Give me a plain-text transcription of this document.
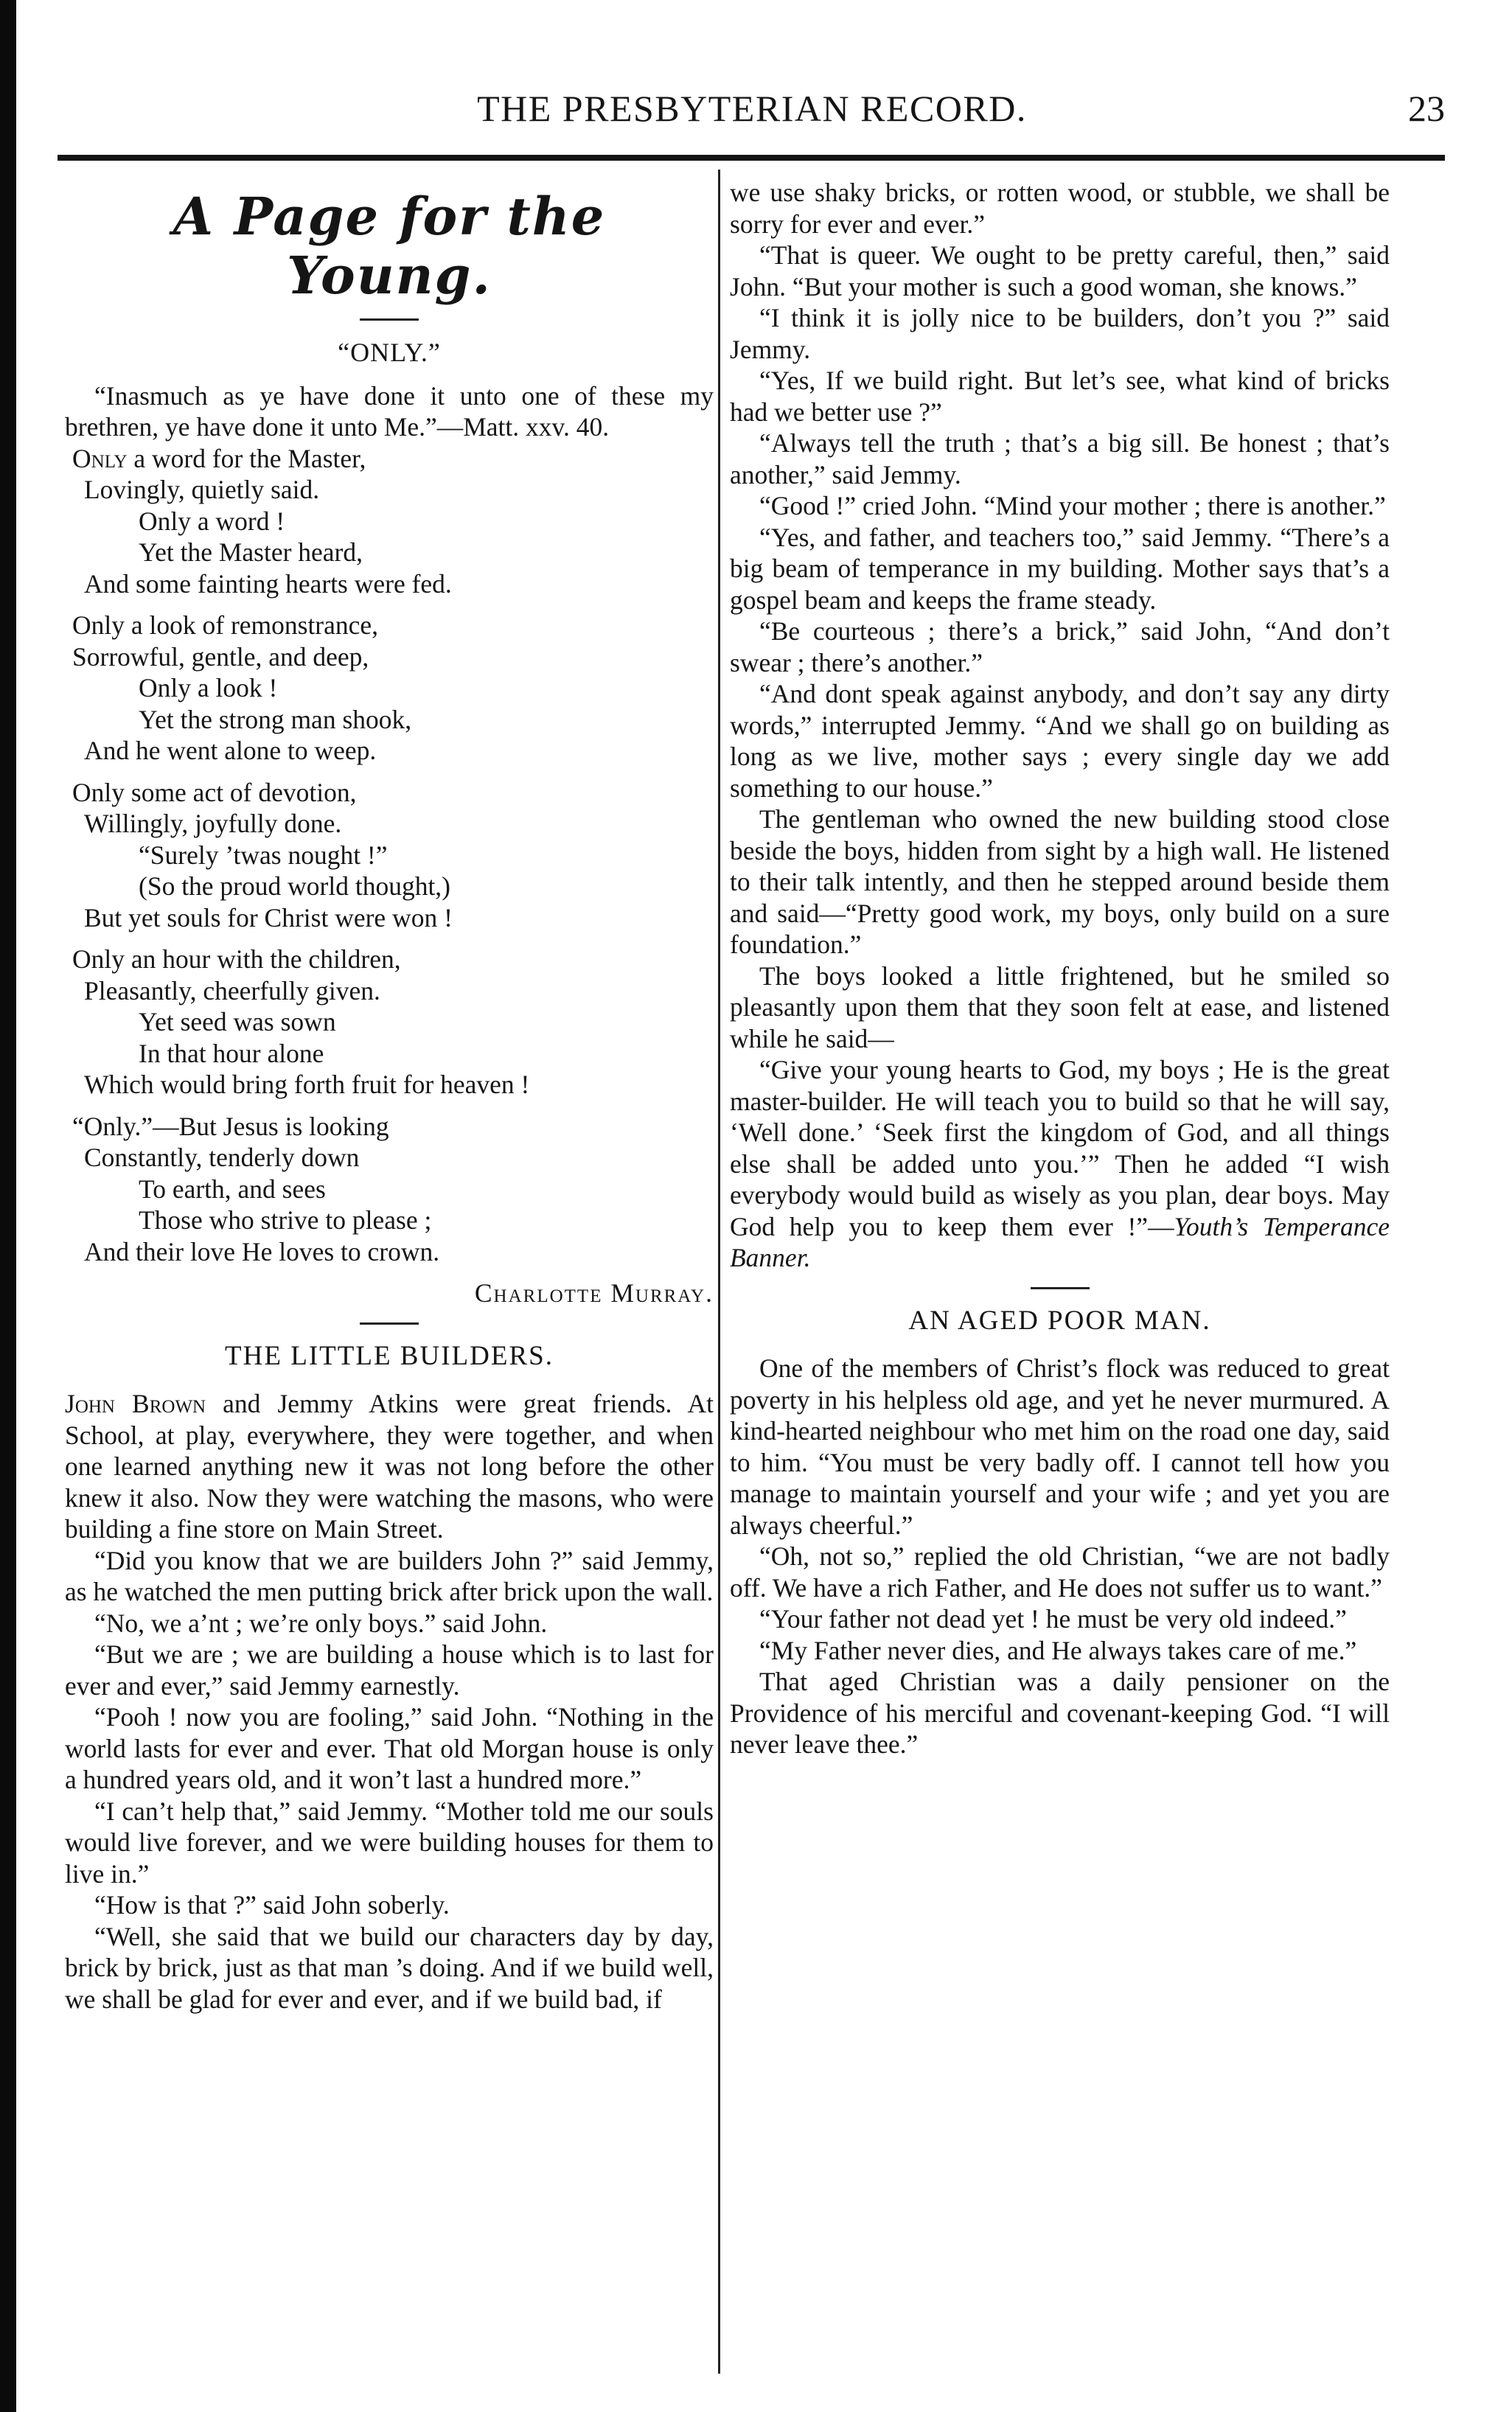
THE PRESBYTERIAN RECORD.	23
A Page for the Young.
“ONLY.”

“Inasmuch as ye have done it unto one of these my brethren, ye have done it unto Me.”—Matt. xxv. 40.

Only a word for the Master,
Lovingly, quietly said.
Only a word !
Yet the Master heard,
And some fainting hearts were fed.
Only a look of remonstrance,
Sorrowful, gentle, and deep,
Only a look !
Yet the strong man shook,
And he went alone to weep.
Only some act of devotion,
Willingly, joyfully done.
“Surely ’twas nought !”
(So the proud world thought,)
But yet souls for Christ were won !
Only an hour with the children,
Pleasantly, cheerfully given.
Yet seed was sown
In that hour alone
Which would bring forth fruit for heaven !
“Only.”—But Jesus is looking
Constantly, tenderly down
To earth, and sees
Those who strive to please ;
And their love He loves to crown.
Charlotte Murray.
THE LITTLE BUILDERS.

John Brown and Jemmy Atkins were great friends. At School, at play, everywhere, they were together, and when one learned anything new it was not long before the other knew it also. Now they were watching the masons, who were building a fine store on Main Street.

“Did you know that we are builders John ?” said Jemmy, as he watched the men putting brick after brick upon the wall.

“No, we a’nt ; we’re only boys.” said John.

“But we are ; we are building a house which is to last for ever and ever,” said Jemmy earnestly.

“Pooh ! now you are fooling,” said John. “Nothing in the world lasts for ever and ever. That old Morgan house is only a hundred years old, and it won’t last a hundred more.”

“I can’t help that,” said Jemmy. “Mother told me our souls would live forever, and we were building houses for them to live in.”

“How is that ?” said John soberly.

“Well, she said that we build our characters day by day, brick by brick, just as that man ’s doing. And if we build well, we shall be glad for ever and ever, and if we build bad, if

we use shaky bricks, or rotten wood, or stubble, we shall be sorry for ever and ever.”

“That is queer. We ought to be pretty careful, then,” said John. “But your mother is such a good woman, she knows.”

“I think it is jolly nice to be builders, don’t you ?” said Jemmy.

“Yes, If we build right. But let’s see, what kind of bricks had we better use ?”

“Always tell the truth ; that’s a big sill. Be honest ; that’s another,” said Jemmy.

“Good !” cried John. “Mind your mother ; there is another.”

“Yes, and father, and teachers too,” said Jemmy. “There’s a big beam of temperance in my building. Mother says that’s a gospel beam and keeps the frame steady.

“Be courteous ; there’s a brick,” said John, “And don’t swear ; there’s another.”

“And dont speak against anybody, and don’t say any dirty words,” interrupted Jemmy. “And we shall go on building as long as we live, mother says ; every single day we add something to our house.”

The gentleman who owned the new building stood close beside the boys, hidden from sight by a high wall. He listened to their talk intently, and then he stepped around beside them and said—“Pretty good work, my boys, only build on a sure foundation.”

The boys looked a little frightened, but he smiled so pleasantly upon them that they soon felt at ease, and listened while he said—

“Give your young hearts to God, my boys ; He is the great master-builder. He will teach you to build so that he will say, ‘Well done.’ ‘Seek first the kingdom of God, and all things else shall be added unto you.’” Then he added “I wish everybody would build as wisely as you plan, dear boys. May God help you to keep them ever !”—Youth’s Temperance Banner.

AN AGED POOR MAN.

One of the members of Christ’s flock was reduced to great poverty in his helpless old age, and yet he never murmured. A kind-hearted neighbour who met him on the road one day, said to him. “You must be very badly off. I cannot tell how you manage to maintain yourself and your wife ; and yet you are always cheerful.”

“Oh, not so,” replied the old Christian, “we are not badly off. We have a rich Father, and He does not suffer us to want.”

“Your father not dead yet ! he must be very old indeed.”

“My Father never dies, and He always takes care of me.”

That aged Christian was a daily pensioner on the Providence of his merciful and covenant-keeping God. “I will never leave thee.”
